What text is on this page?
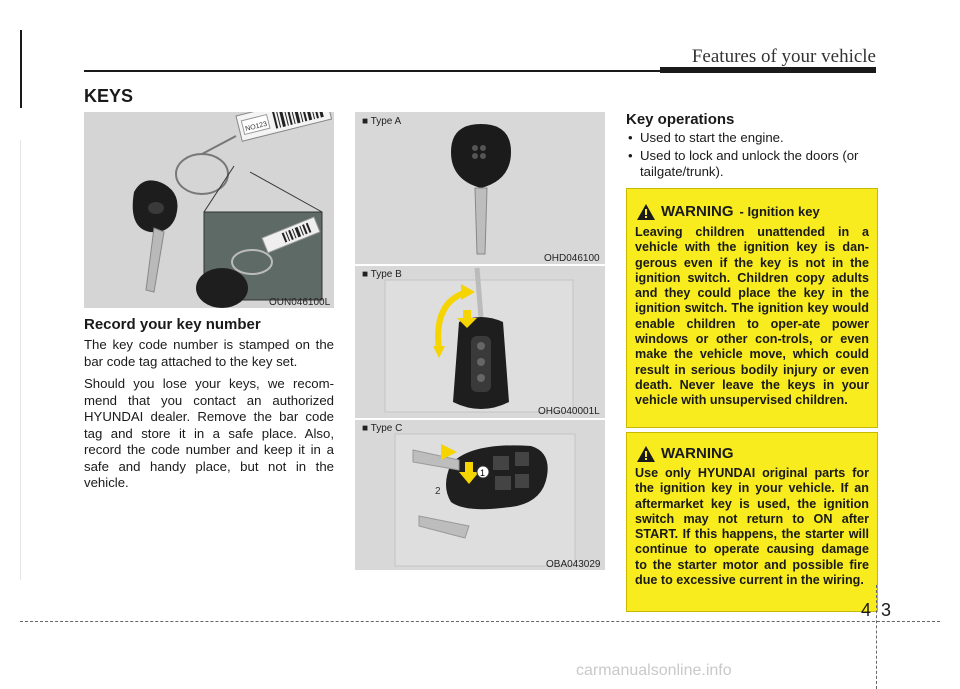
Features of your vehicle
KEYS
NO123
OUN046100L
Record your key number

The key code number is stamped on the bar code tag attached to the key set.

Should you lose your keys, we recom-mend that you contact an authorized HYUNDAI dealer. Remove the bar code tag and store it in a safe place. Also, record the code number and keep it in a safe and handy place, but not in the vehicle.

■ Type A
OHD046100
■ Type B
OHG040001L
1
2
■ Type C
OBA043029
Key operations
• Used to start the engine.
• Used to lock and unlock the doors (or tailgate/trunk).
WARNING - Ignition key
Leaving children unattended in a vehicle with the ignition key is dan-gerous even if the key is not in the ignition switch. Children copy adults and they could place the key in the ignition switch. The ignition key would enable children to oper-ate power windows or other con-trols, or even make the vehicle move, which could result in serious bodily injury or even death. Never leave the keys in your vehicle with unsupervised children.
WARNING
Use only HYUNDAI original parts for the ignition key in your vehicle. If an aftermarket key is used, the ignition switch may not return to ON after START. If this happens, the starter will continue to operate causing damage to the starter motor and possible fire due to excessive current in the wiring.
4 3
carmanualsonline.info
